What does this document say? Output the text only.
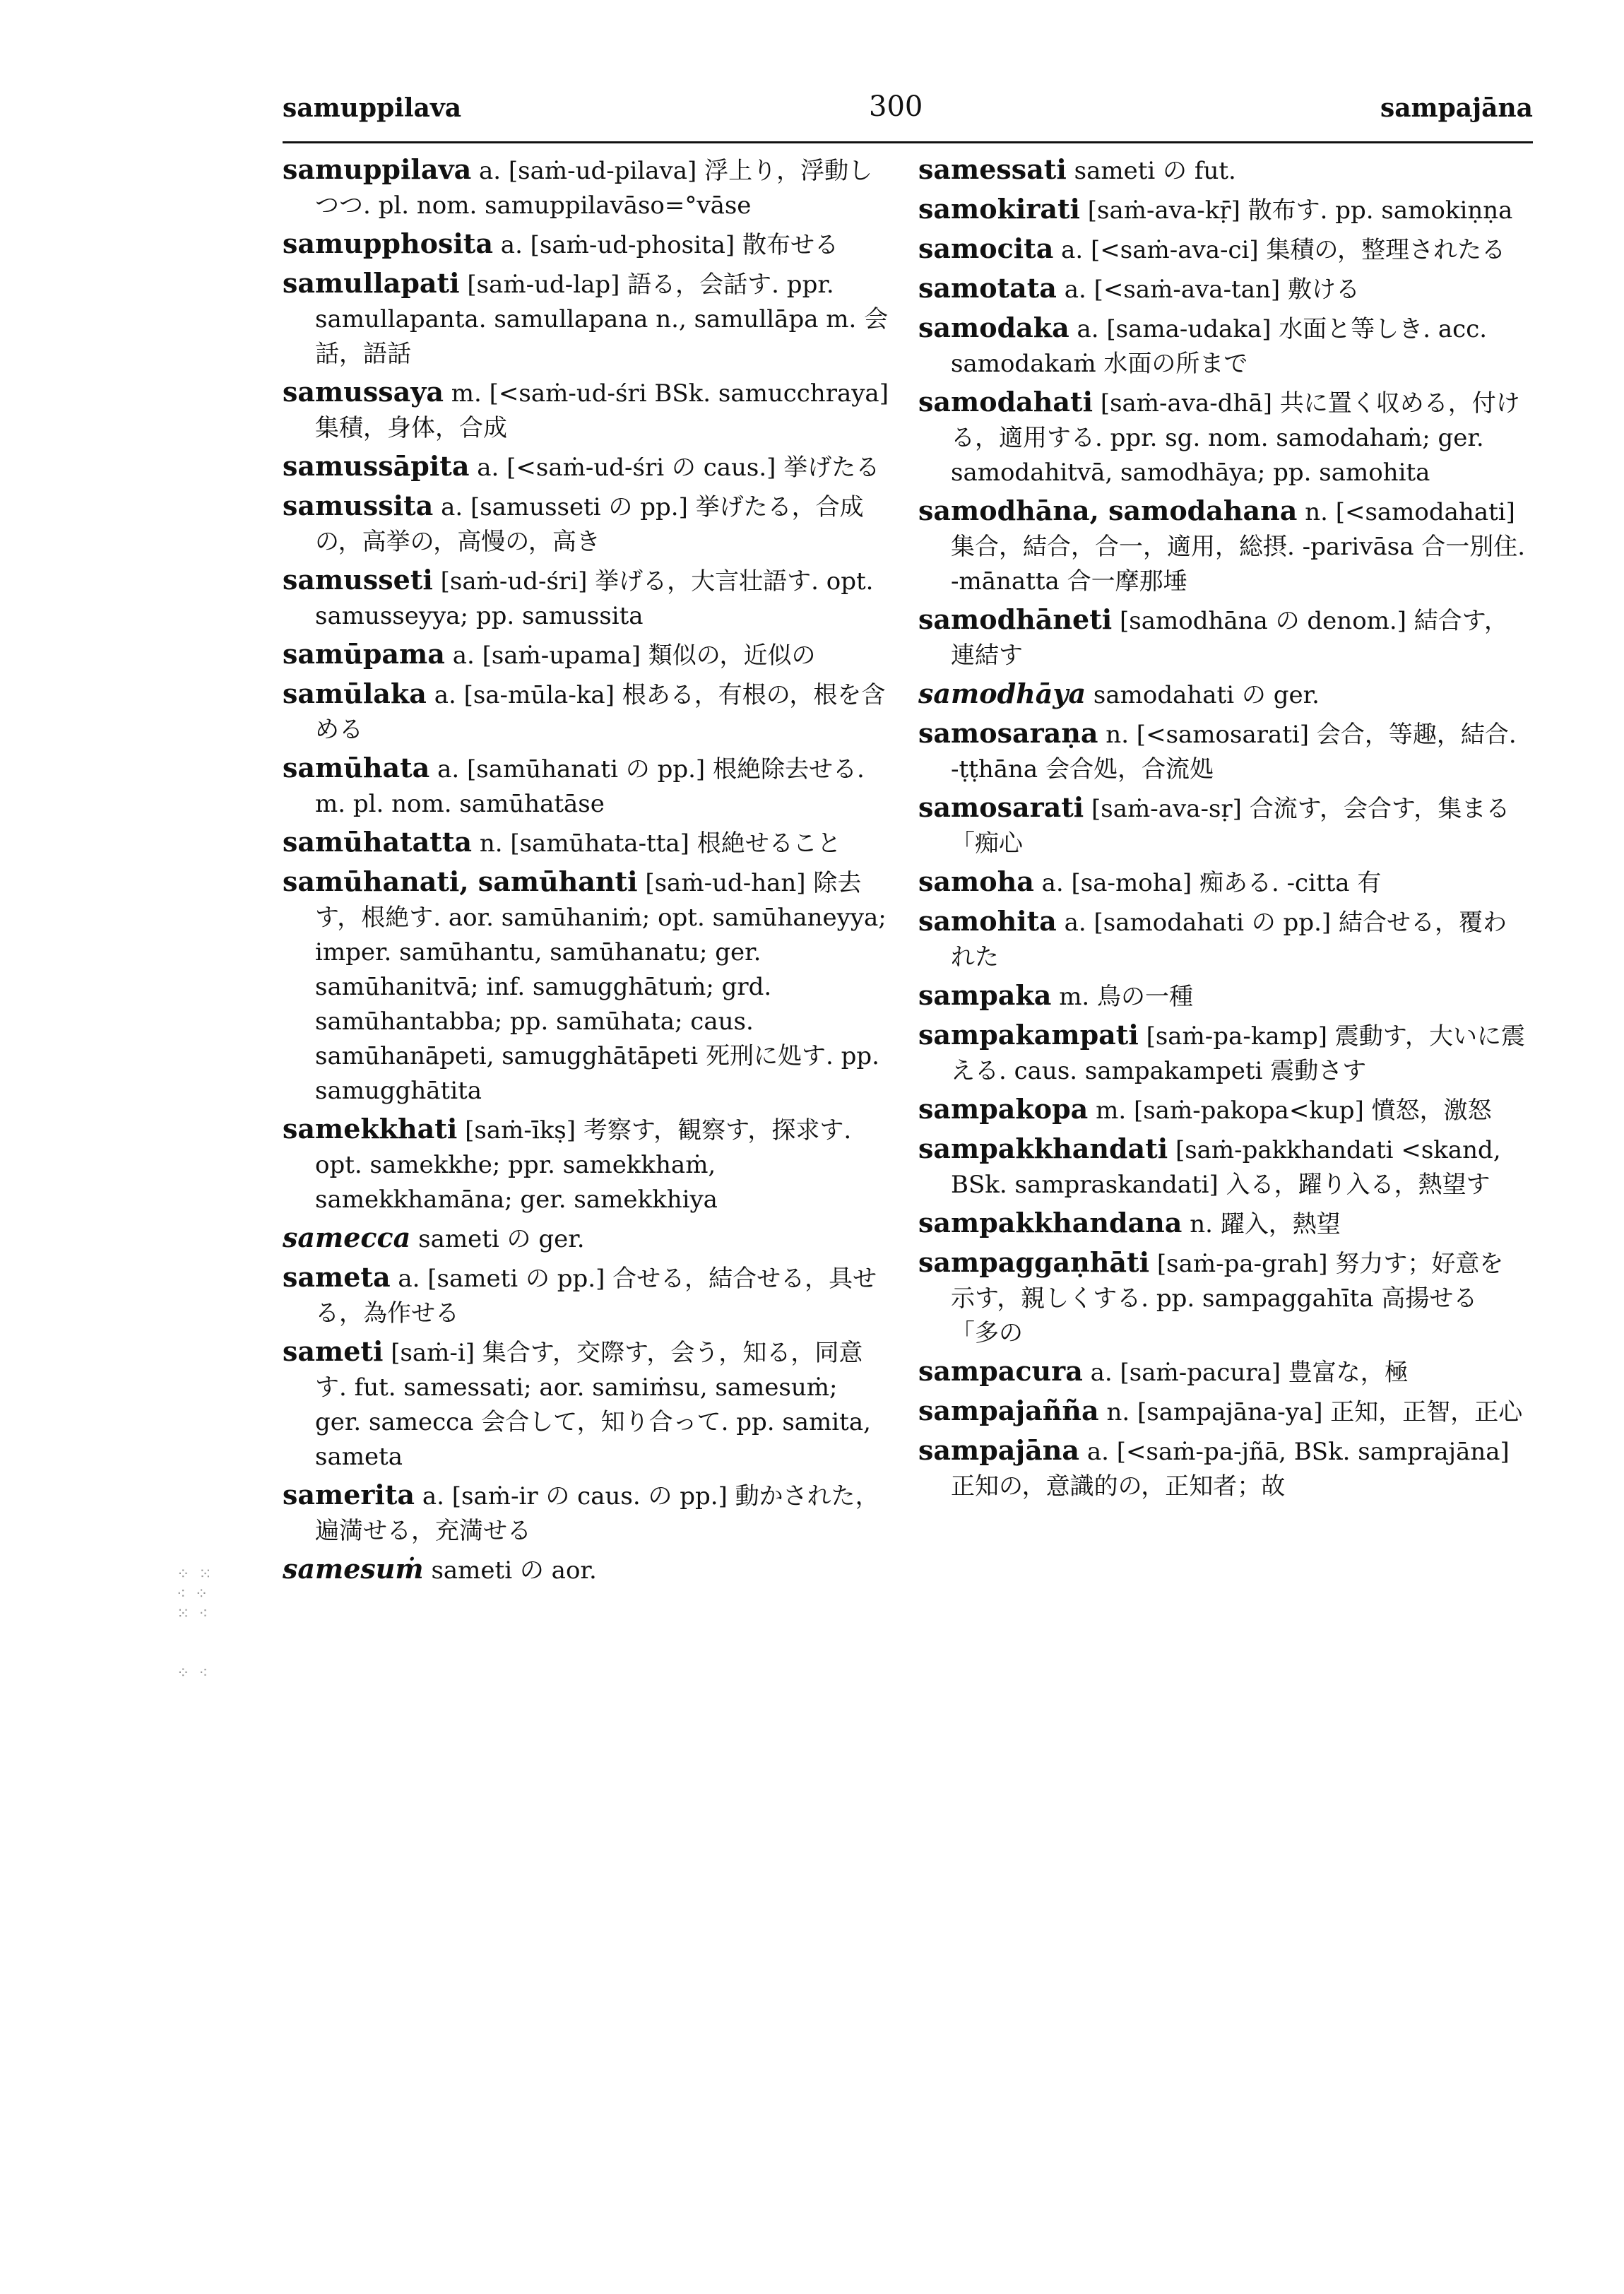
samuppilava	300	sampajāna
⁘ ⁙
⁖ ⁘
⁙ ⁖

⁘ ⁖

samuppilava a. [saṁ-ud-pilava] 浮上り，浮動しつつ. pl. nom. samuppilavāso=°vāse

samupphosita a. [saṁ-ud-phosita] 散布せる

samullapati [saṁ-ud-lap] 語る，会話す. ppr. samullapanta. samullapana n., samullāpa m. 会話，語話

samussaya m. [<saṁ-ud-śri BSk. samucchraya] 集積，身体，合成

samussāpita a. [<saṁ-ud-śri の caus.] 挙げたる

samussita a. [samusseti の pp.] 挙げたる，合成の，高挙の，高慢の，高き

samusseti [saṁ-ud-śri] 挙げる，大言壮語す. opt. samusseyya; pp. samussita

samūpama a. [saṁ-upama] 類似の，近似の

samūlaka a. [sa-mūla-ka] 根ある，有根の，根を含める

samūhata a. [samūhanati の pp.] 根絶除去せる. m. pl. nom. samūhatāse

samūhatatta n. [samūhata-tta] 根絶せること

samūhanati, samūhanti [saṁ-ud-han] 除去す，根絶す. aor. samūhaniṁ; opt. samūhaneyya; imper. samūhantu, samūhanatu; ger. samūhanitvā; inf. samugghātuṁ; grd. samūhantabba; pp. samūhata; caus. samūhanāpeti, samugghātāpeti 死刑に処す. pp. samugghātita

samekkhati [saṁ-īkṣ] 考察す，観察す，探求す. opt. samekkhe; ppr. samekkhaṁ, samekkhamāna; ger. samekkhiya

samecca sameti の ger.

sameta a. [sameti の pp.] 合せる，結合せる，具せる，為作せる

sameti [saṁ-i] 集合す，交際す，会う，知る，同意す. fut. samessati; aor. samiṁsu, samesuṁ; ger. samecca 会合して，知り合って. pp. samita, sameta

samerita a. [saṁ-ir の caus. の pp.] 動かされた，遍満せる，充満せる

samesuṁ sameti の aor.

samessati sameti の fut.

samokirati [saṁ-ava-kṝ] 散布す. pp. samokiṇṇa

samocita a. [<saṁ-ava-ci] 集積の，整理されたる

samotata a. [<saṁ-ava-tan] 敷ける

samodaka a. [sama-udaka] 水面と等しき. acc. samodakaṁ 水面の所まで

samodahati [saṁ-ava-dhā] 共に置く収める，付ける，適用する. ppr. sg. nom. samodahaṁ; ger. samodahitvā, samodhāya; pp. samohita

samodhāna, samodahana n. [<samodahati] 集合，結合，合一，適用，総摂. -parivāsa 合一別住. -mānatta 合一摩那埵

samodhāneti [samodhāna の denom.] 結合す，連結す

samodhāya samodahati の ger.

samosaraṇa n. [<samosarati] 会合，等趣，結合. -ṭṭhāna 会合処，合流処

samosarati [saṁ-ava-sṛ] 合流す，会合す，集まる 「痴心

samoha a. [sa-moha] 痴ある. -citta 有

samohita a. [samodahati の pp.] 結合せる，覆われた

sampaka m. 鳥の一種

sampakampati [saṁ-pa-kamp] 震動す，大いに震える. caus. sampakampeti 震動さす

sampakopa m. [saṁ-pakopa<kup] 憤怒，激怒

sampakkhandati [saṁ-pakkhandati <skand, BSk. sampraskandati] 入る，躍り入る，熱望す

sampakkhandana n. 躍入，熱望

sampaggaṇhāti [saṁ-pa-grah] 努力す；好意を示す，親しくする. pp. sampaggahīta 高揚せる 「多の

sampacura a. [saṁ-pacura] 豊富な，極

sampajañña n. [sampajāna-ya] 正知，正智，正心

sampajāna a. [<saṁ-pa-jñā, BSk. samprajāna] 正知の，意識的の，正知者；故
